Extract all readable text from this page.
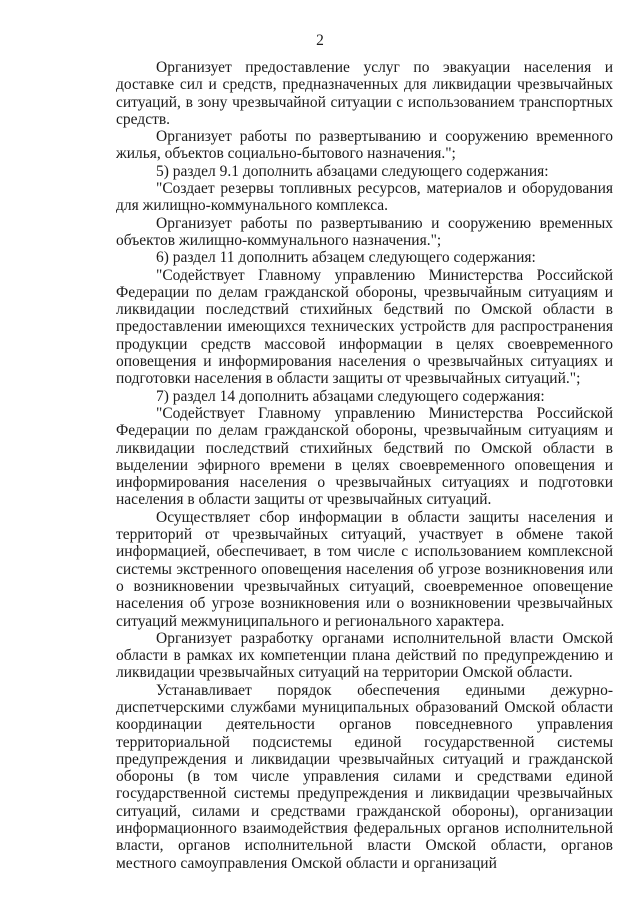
2

Организует предоставление услуг по эвакуации населения и доставке сил и средств, предназначенных для ликвидации чрезвычайных ситуаций, в зону чрезвычайной ситуации с использованием транспортных средств.

Организует работы по развертыванию и сооружению временного жилья, объектов социально-бытового назначения.";

5) раздел 9.1 дополнить абзацами следующего содержания:

"Создает резервы топливных ресурсов, материалов и оборудования для жилищно-коммунального комплекса.

Организует работы по развертыванию и сооружению временных объектов жилищно-коммунального назначения.";

6) раздел 11 дополнить абзацем следующего содержания:

"Содействует Главному управлению Министерства Российской Федерации по делам гражданской обороны, чрезвычайным ситуациям и ликвидации последствий стихийных бедствий по Омской области в предоставлении имеющихся технических устройств для распространения продукции средств массовой информации в целях своевременного оповещения и информирования населения о чрезвычайных ситуациях и подготовки населения в области защиты от чрезвычайных ситуаций.";

7) раздел 14 дополнить абзацами следующего содержания:

"Содействует Главному управлению Министерства Российской Федерации по делам гражданской обороны, чрезвычайным ситуациям и ликвидации последствий стихийных бедствий по Омской области в выделении эфирного времени в целях своевременного оповещения и информирования населения о чрезвычайных ситуациях и подготовки населения в области защиты от чрезвычайных ситуаций.

Осуществляет сбор информации в области защиты населения и территорий от чрезвычайных ситуаций, участвует в обмене такой информацией, обеспечивает, в том числе с использованием комплексной системы экстренного оповещения населения об угрозе возникновения или о возникновении чрезвычайных ситуаций, своевременное оповещение населения об угрозе возникновения или о возникновении чрезвычайных ситуаций межмуниципального и регионального характера.

Организует разработку органами исполнительной власти Омской области в рамках их компетенции плана действий по предупреждению и ликвидации чрезвычайных ситуаций на территории Омской области.

Устанавливает порядок обеспечения едиными дежурно-диспетчерскими службами муниципальных образований Омской области координации деятельности органов повседневного управления территориальной подсистемы единой государственной системы предупреждения и ликвидации чрезвычайных ситуаций и гражданской обороны (в том числе управления силами и средствами единой государственной системы предупреждения и ликвидации чрезвычайных ситуаций, силами и средствами гражданской обороны), организации информационного взаимодействия федеральных органов исполнительной власти, органов исполнительной власти Омской области, органов местного самоуправления Омской области и организаций
